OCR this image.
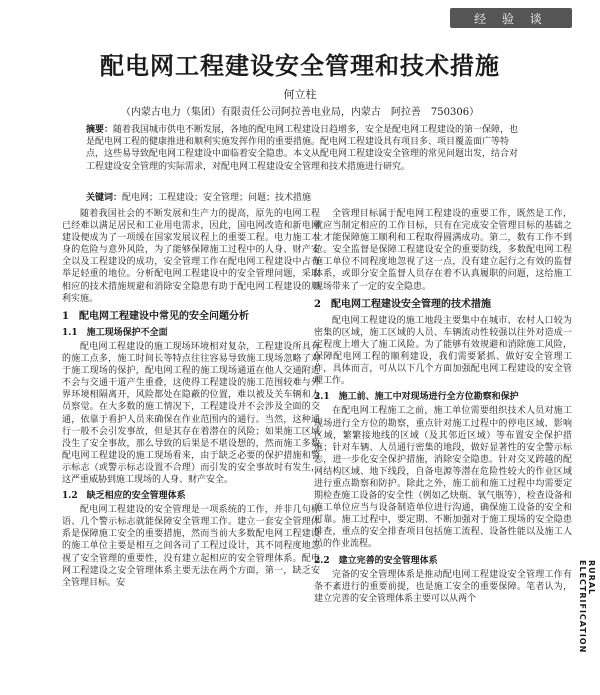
经 验 谈
配电网工程建设安全管理和技术措施
何立柱
（内蒙古电力（集团）有限责任公司阿拉善电业局，内蒙古　阿拉善　750306）
摘要：随着我国城市供电不断发展，各地的配电网工程建设日趋增多，安全是配电网工程建设的第一保障，也是配电网工程的健康推进和顺利实施发挥作用的重要措施。配电网工程建设具有项目多、项目覆盖面广等特点，这些易导致配电网工程建设中面临着安全隐患。本文从配电网工程建设安全管理的常见问题出发，结合对工程建设安全管理的实际需求，对配电网工程建设安全管理和技术措施进行研究。
关键词：配电网；工程建设；安全管理；问题；技术措施

随着我国社会的不断发展和生产力的提高，原先的电网工程已经难以满足居民和工业用电需求，因此，国电网改造和新电网建设便成为了一项缓在国家发展议程上的重要工程。电力施工本身的危险与意外风险，为了能够保障施工过程中的人身、财产安全以及工程建设的成功，安全管理工作在配电网工程建设中占有举足轻重的地位。分析配电网工程建设中的安全管理问题，采取相应的技术措施规避和消除安全隐患有助于配电网工程建设的顺利实施。

1　配电网工程建设中常见的安全问题分析
1.1　施工现场保护不全面

配电网工程建设的施工现场环境相对复杂，工程建设所具有的施工点多，施工时间长等特点往往容易导致施工现场忽略了对于施工现场的保护，配电网工程的施工现场通道在他人交通附近不会与交通干道产生重叠，这使得工程建设的施工范围较难与外界环境相隔离开，风险都处在隐蔽的位置，难以被及关车辆和人员察觉。在大多数的施工情况下，工程建设并不会涉及全面的交通，依靠于看护人员来确保在作业范围内的通行。当然，这种通行一般不会引发事故，但是其存在着潜在的风险；如果施工区域没生了安全事故，那么导致的后果是不堪设想的，然而施工多数配电网工程建设的施工现场看来，由于缺乏必要的保护措施和警示标志（或警示标志设置不合理）而引发的安全事故时有发生，这严重威胁到施工现场的人身、财产安全。

1.2　缺乏相应的安全管理体系

配电网工程建设的安全管理是一项系统的工作，并非几句标语、几个警示标志就能保障安全管理工作。建立一套安全管理体系是保障施工安全的重要措施，然而当前大多数配电网工程建设的施工单位主要是相互之间各司了工程过设计，其不同程度地忽视了安全管理的重要性，没有建立起相应的安全管理体系。配电网工程建设之安全管理体系主要无法在两个方面，第一，缺乏安全管理目标。安

全管理目标属于配电网工程建设的重要工作，既然是工作，就应当制定相应的工作目标，只有在完成安全管理目标的基础之上才能保障施工顺利和工程取得圆满成功。第二，数有工作不到位。安全监督是保障工程建设安全的重要防线，多数配电网工程施工单位不同程度地忽视了这一点，没有建立起行之有效的监督体系，或即分安全监督人员存在着不认真履职的问题，这给施工现场带来了一定的安全隐患。

2　配电网工程建设安全管理的技术措施

配电网工程建设的施工地段主要集中在城市、农村人口较为密集的区域，施工区域的人员、车辆流动性较强以往外对造成一定程度上增大了施工风险。为了能够有效规避和消除施工风险，保障配电网工程的顺利建设，我们需要紧抓、做好安全管理工作，具体而言，可从以下几个方面加强配电网工程建设的安全管理工作。

2.1　施工前、施工中对现场进行全方位勘察和保护

在配电网工程施工之前，施工单位需要组织技术人员对施工现场进行全方位的勘察，重点针对施工过程中的停电区域、影响区域，繁繁接地线的区域（及其邻近区域）等布置安全保护措施；针对车辆、人员通行密集的地段，做好显著性的安全警示标志，进一步化安全保护措施，消除安全隐患。针对交叉跨越的配网结构区域、地下线段，自备电源等潜在危险性较大的作业区域进行重点勘察和防护。除此之外，施工前和施工过程中均需要定期检查施工设备的安全性（例如乙炔瓶、氧气瓶等），检查设备和施工单位应当与设备制造单位进行沟通，确保施工设备的安全和可靠。施工过程中，要定期、不断加强对于施工现场的安全隐患排查，重点的安全排查项目包括施工流程、设备性能以及施工人员的作业流程。

2.2　建立完善的安全管理体系

完备的安全管理体系是推动配电网工程建设安全管理工作有条不紊进行的重要前提，也是施工安全的重要保障。笔者认为，建立完善的安全管理体系主要可以从两个

RURAL ELECTRIFICATION
